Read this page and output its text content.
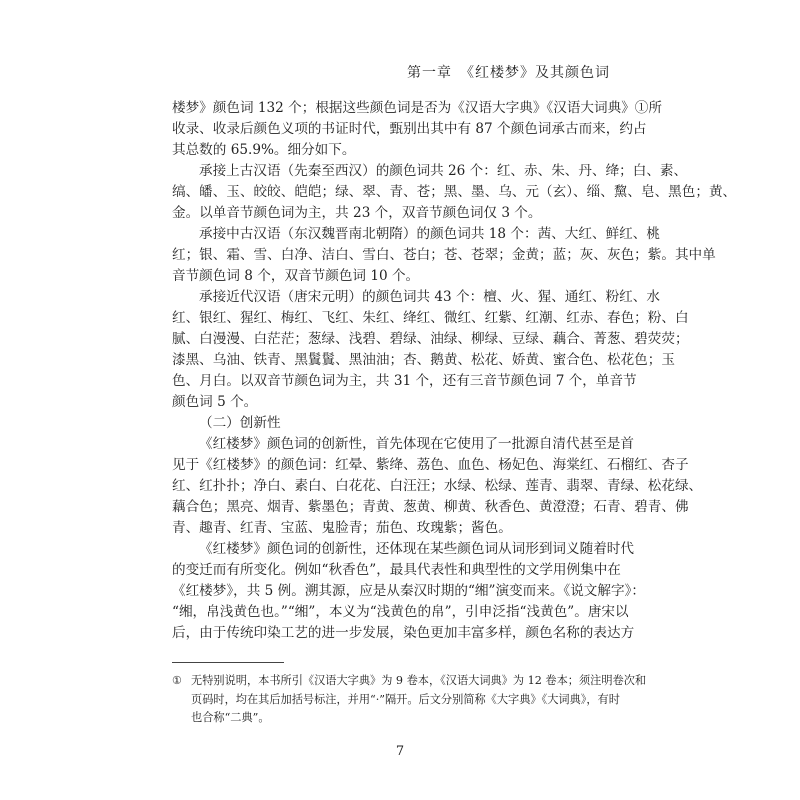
第一章　《红楼梦》及其颜色词
楼梦》颜色词 132 个；根据这些颜色词是否为《汉语大字典》《汉语大词典》①所
收录、收录后颜色义项的书证时代，甄别出其中有 87 个颜色词承古而来，约占
其总数的 65.9%。细分如下。
承接上古汉语（先秦至西汉）的颜色词共 26 个：红、赤、朱、丹、绛；白、素、
缟、皤、玉、皎皎、皑皑；绿、翠、青、苍；黑、墨、乌、元（玄）、缁、黧、皂、黑色；黄、
金。以单音节颜色词为主，共 23 个，双音节颜色词仅 3 个。
承接中古汉语（东汉魏晋南北朝隋）的颜色词共 18 个：茜、大红、鲜红、桃
红；银、霜、雪、白净、洁白、雪白、苍白；苍、苍翠；金黄；蓝；灰、灰色；紫。其中单
音节颜色词 8 个，双音节颜色词 10 个。
承接近代汉语（唐宋元明）的颜色词共 43 个：檀、火、猩、通红、粉红、水
红、银红、猩红、梅红、飞红、朱红、绛红、微红、红紫、红潮、红赤、春色；粉、白
腻、白漫漫、白茫茫；葱绿、浅碧、碧绿、油绿、柳绿、豆绿、藕合、菁葱、碧荧荧；
漆黑、乌油、铁青、黑鬒鬒、黑油油；杏、鹅黄、松花、娇黄、蜜合色、松花色；玉
色、月白。以双音节颜色词为主，共 31 个，还有三音节颜色词 7 个，单音节
颜色词 5 个。
（二）创新性
《红楼梦》颜色词的创新性，首先体现在它使用了一批源自清代甚至是首
见于《红楼梦》的颜色词：红晕、紫绛、荔色、血色、杨妃色、海棠红、石榴红、杏子
红、红扑扑；净白、素白、白花花、白汪汪；水绿、松绿、莲青、翡翠、青绿、松花绿、
藕合色；黑亮、烟青、紫墨色；青黄、葱黄、柳黄、秋香色、黄澄澄；石青、碧青、佛
青、趣青、红青、宝蓝、鬼脸青；茄色、玫瑰紫；酱色。
《红楼梦》颜色词的创新性，还体现在某些颜色词从词形到词义随着时代
的变迁而有所变化。例如“秋香色”，最具代表性和典型性的文学用例集中在
《红楼梦》，共 5 例。溯其源，应是从秦汉时期的“缃”演变而来。《说文解字》：
“缃，帛浅黄色也。”“缃”，本义为“浅黄色的帛”，引申泛指“浅黄色”。唐宋以
后，由于传统印染工艺的进一步发展，染色更加丰富多样，颜色名称的表达方
① 无特别说明，本书所引《汉语大字典》为 9 卷本，《汉语大词典》为 12 卷本；须注明卷次和
页码时，均在其后加括号标注，并用“·”隔开。后文分别简称《大字典》《大词典》，有时
也合称“二典”。
7
